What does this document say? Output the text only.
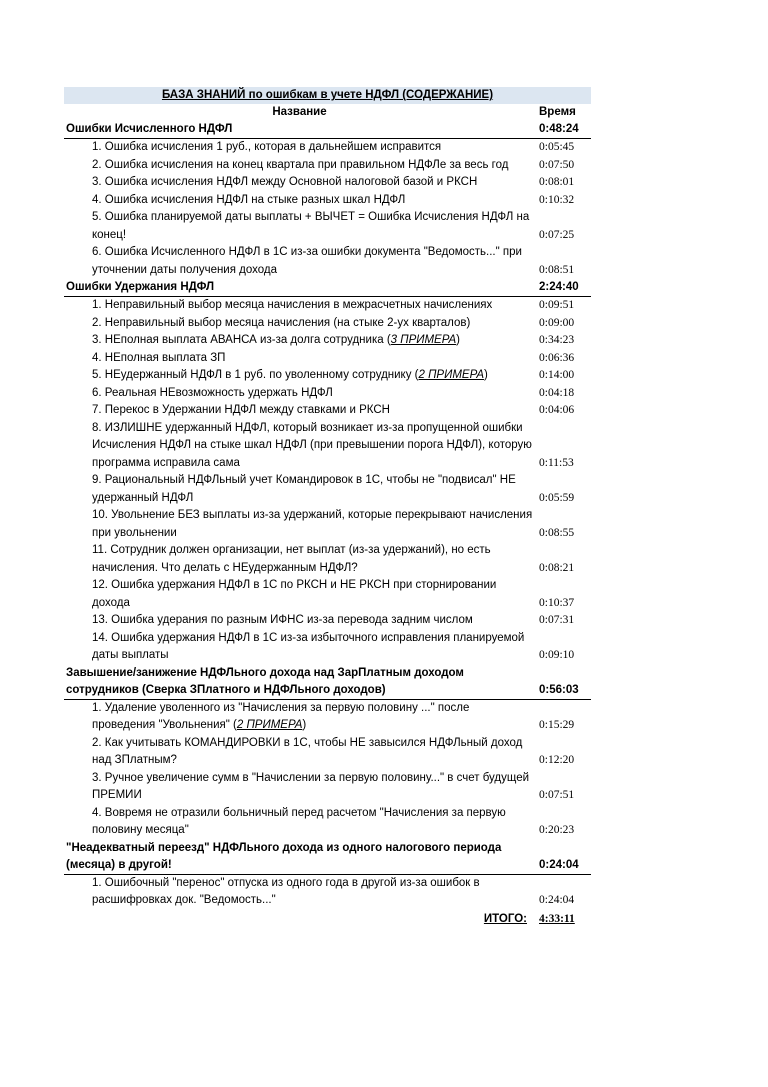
БАЗА ЗНАНИЙ по ошибкам в учете НДФЛ (СОДЕРЖАНИЕ)
Название	Время
Ошибки Исчисленного НДФЛ	0:48:24
1. Ошибка исчисления 1 руб., которая в дальнейшем исправится	0:05:45
2. Ошибка исчисления на конец квартала при правильном НДФЛе за весь год	0:07:50
3. Ошибка исчисления НДФЛ между Основной налоговой базой и РКСН	0:08:01
4. Ошибка исчисления НДФЛ на стыке разных шкал НДФЛ	0:10:32
5. Ошибка планируемой даты выплаты + ВЫЧЕТ = Ошибка Исчисления НДФЛ на конец!	0:07:25
6. Ошибка Исчисленного НДФЛ в 1С из-за ошибки документа "Ведомость..." при уточнении даты получения дохода	0:08:51
Ошибки Удержания НДФЛ	2:24:40
1. Неправильный выбор месяца начисления в межрасчетных начислениях	0:09:51
2. Неправильный выбор месяца начисления (на стыке 2-ух кварталов)	0:09:00
3. НЕполная выплата АВАНСА из-за долга сотрудника (3 ПРИМЕРА)	0:34:23
4. НЕполная выплата ЗП	0:06:36
5. НЕудержанный НДФЛ в 1 руб. по уволенному сотруднику (2 ПРИМЕРА)	0:14:00
6. Реальная НЕвозможность удержать НДФЛ	0:04:18
7. Перекос в Удержании НДФЛ между ставками и РКСН	0:04:06
8. ИЗЛИШНЕ удержанный НДФЛ, который возникает из-за пропущенной ошибки Исчисления НДФЛ на стыке шкал НДФЛ (при превышении порога НДФЛ), которую программа исправила сама	0:11:53
9. Рациональный НДФЛьный учет Командировок в 1С, чтобы не "подвисал" НЕ удержанный НДФЛ	0:05:59
10. Увольнение БЕЗ выплаты из-за удержаний, которые перекрывают начисления при увольнении	0:08:55
11. Сотрудник должен организации, нет выплат (из-за удержаний), но есть начисления. Что делать с НЕудержанным НДФЛ?	0:08:21
12. Ошибка удержания НДФЛ в 1С по РКСН и НЕ РКСН при сторнировании дохода	0:10:37
13. Ошибка удерания по разным ИФНС из-за перевода задним числом	0:07:31
14. Ошибка удержания НДФЛ в 1С из-за избыточного исправления планируемой даты выплаты	0:09:10
Завышение/занижение НДФЛьного дохода над ЗарПлатным доходом сотрудников (Сверка ЗПлатного и НДФЛьного доходов)	0:56:03
1. Удаление уволенного из "Начисления за первую половину ..." после проведения "Увольнения" (2 ПРИМЕРА)	0:15:29
2. Как учитывать КОМАНДИРОВКИ в 1С, чтобы НЕ завысился НДФЛьный доход над ЗПлатным?	0:12:20
3. Ручное увеличение сумм в "Начислении за первую половину..." в счет будущей ПРЕМИИ	0:07:51
4. Вовремя не отразили больничный перед расчетом "Начисления за первую половину месяца"	0:20:23
"Неадекватный переезд" НДФЛьного дохода из одного налогового периода (месяца) в другой!	0:24:04
1. Ошибочный "перенос" отпуска из одного года в другой из-за ошибок в расшифровках док. "Ведомость..."	0:24:04
ИТОГО:	4:33:11
